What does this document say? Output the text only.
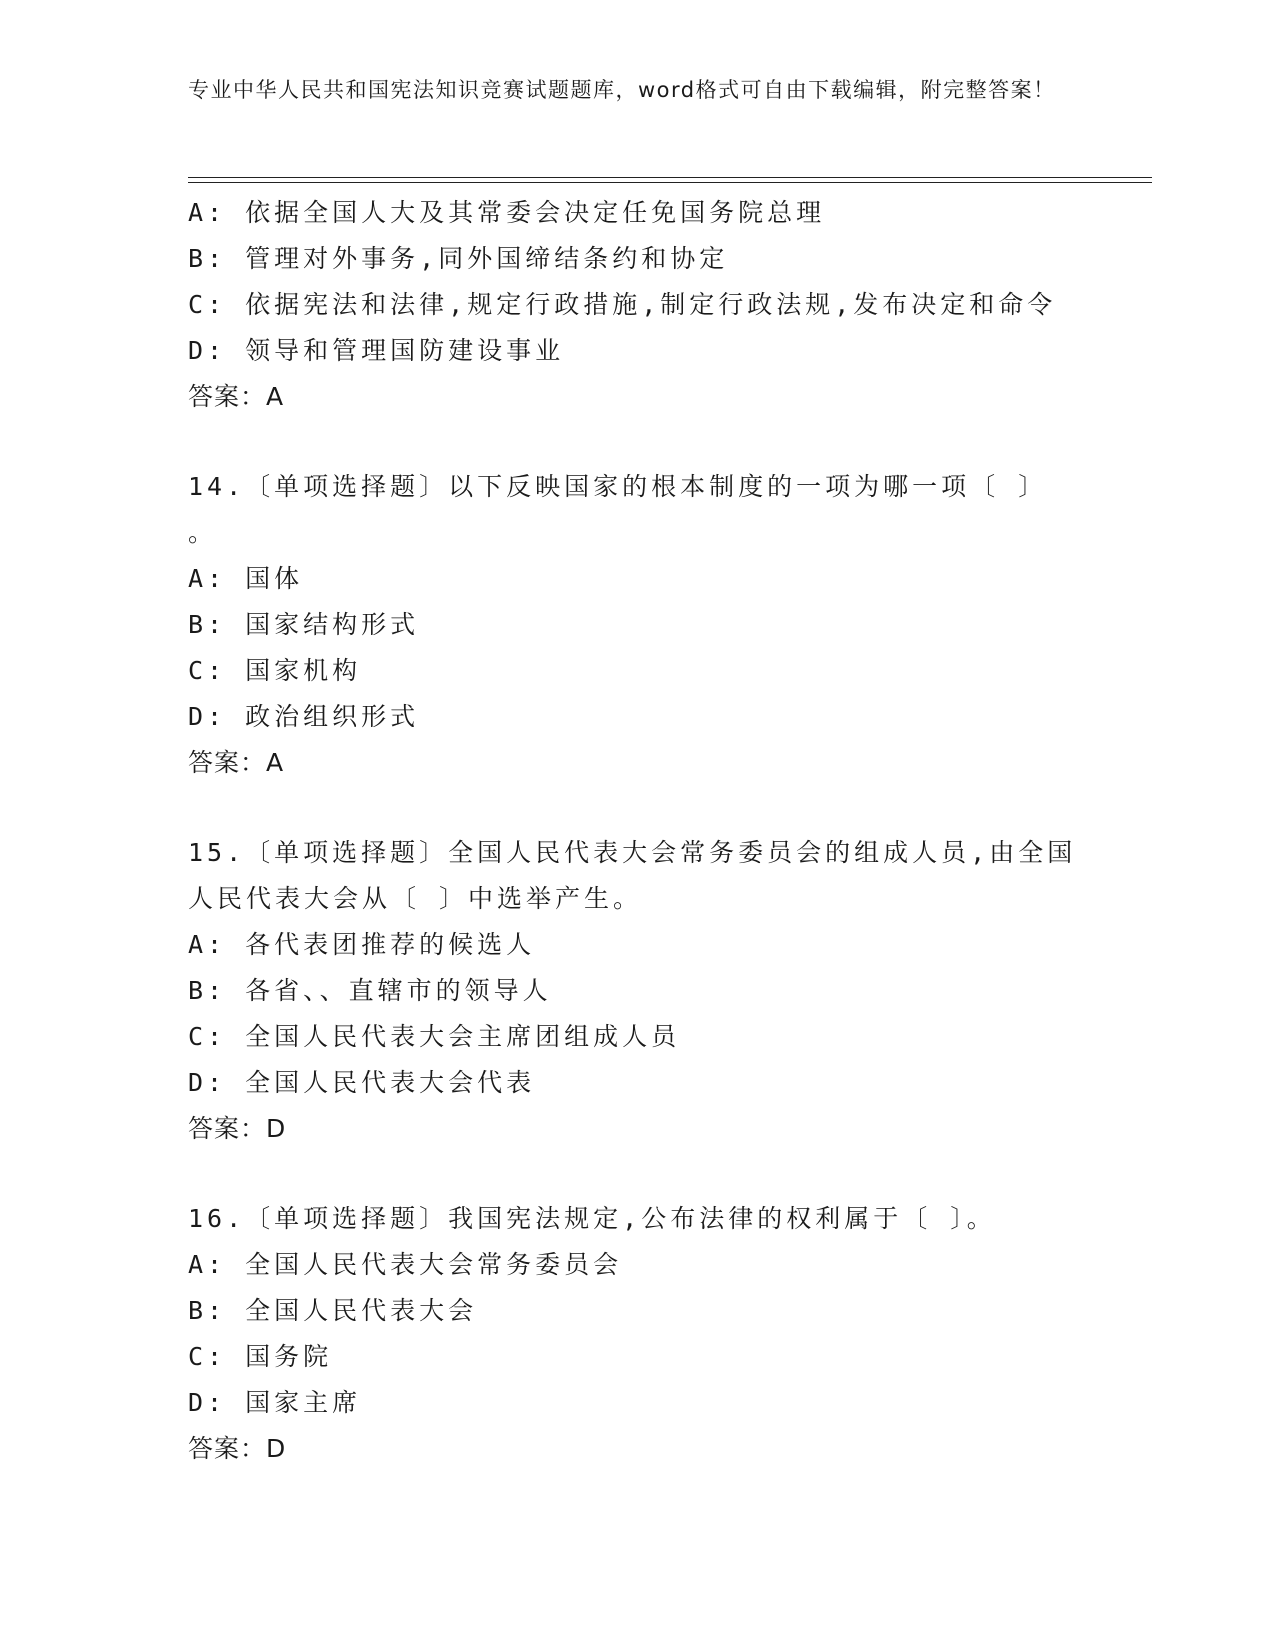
专业中华人民共和国宪法知识竞赛试题题库，word格式可自由下载编辑，附完整答案！
A: 依据全国人大及其常委会决定任免国务院总理
B: 管理对外事务,同外国缔结条约和协定
C: 依据宪法和法律,规定行政措施,制定行政法规,发布决定和命令
D: 领导和管理国防建设事业
答案：A
14.〔单项选择题〕以下反映国家的根本制度的一项为哪一项〔 〕
。
A: 国体
B: 国家结构形式
C: 国家机构
D: 政治组织形式
答案：A
15.〔单项选择题〕全国人民代表大会常务委员会的组成人员,由全国
人民代表大会从〔 〕中选举产生。
A: 各代表团推荐的候选人
B: 各省、、直辖市的领导人
C: 全国人民代表大会主席团组成人员
D: 全国人民代表大会代表
答案：D
16.〔单项选择题〕我国宪法规定,公布法律的权利属于〔 〕。
A: 全国人民代表大会常务委员会
B: 全国人民代表大会
C: 国务院
D: 国家主席
答案：D
